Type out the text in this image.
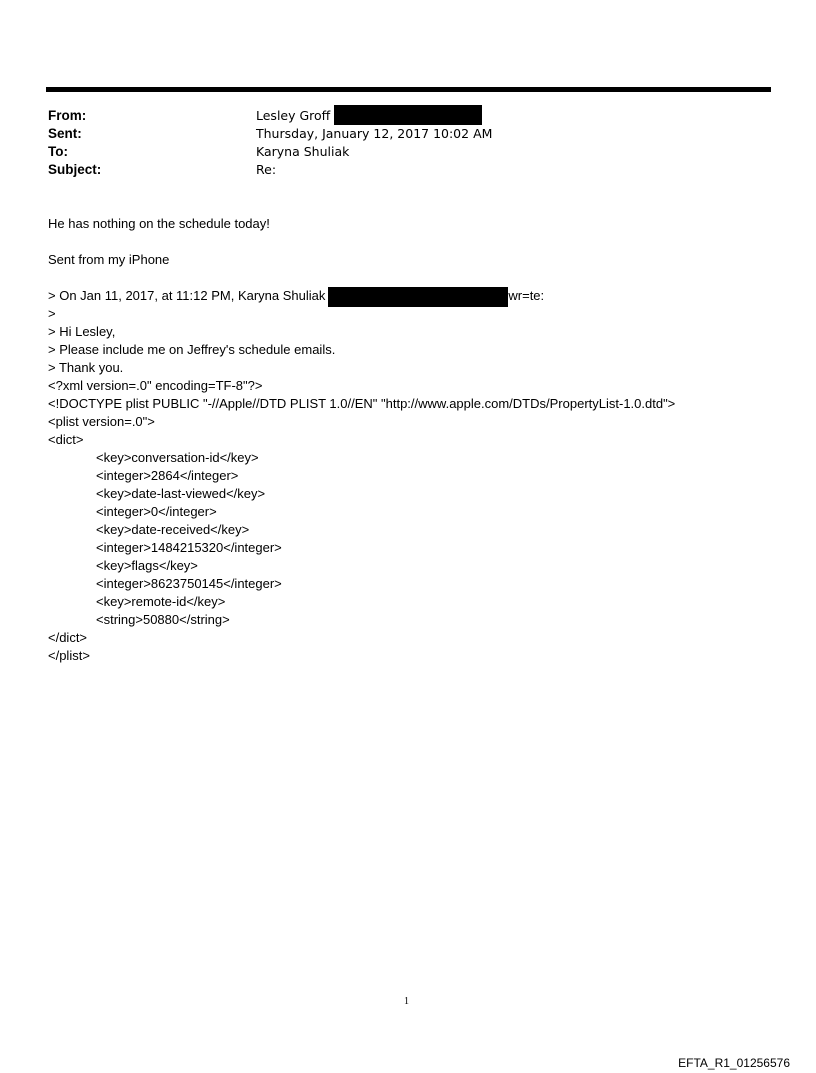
From:	Lesley Groff
Sent:	Thursday, January 12, 2017 10:02 AM
To:	Karyna Shuliak
Subject:	Re:
He has nothing on the schedule today!
Sent from my iPhone
> On Jan 11, 2017, at 11:12 PM, Karyna Shuliak	wr=te:
>
> Hi Lesley,
> Please include me on Jeffrey's schedule emails.
> Thank you.
<?xml version=.0" encoding=TF-8"?>
<!DOCTYPE plist PUBLIC "-//Apple//DTD PLIST 1.0//EN" "http://www.apple.com/DTDs/PropertyList-1.0.dtd">
<plist version=.0">
<dict>
<key>conversation-id</key>
<integer>2864</integer>
<key>date-last-viewed</key>
<integer>0</integer>
<key>date-received</key>
<integer>1484215320</integer>
<key>flags</key>
<integer>8623750145</integer>
<key>remote-id</key>
<string>50880</string>
</dict>
</plist>
1
EFTA_R1_01256576
